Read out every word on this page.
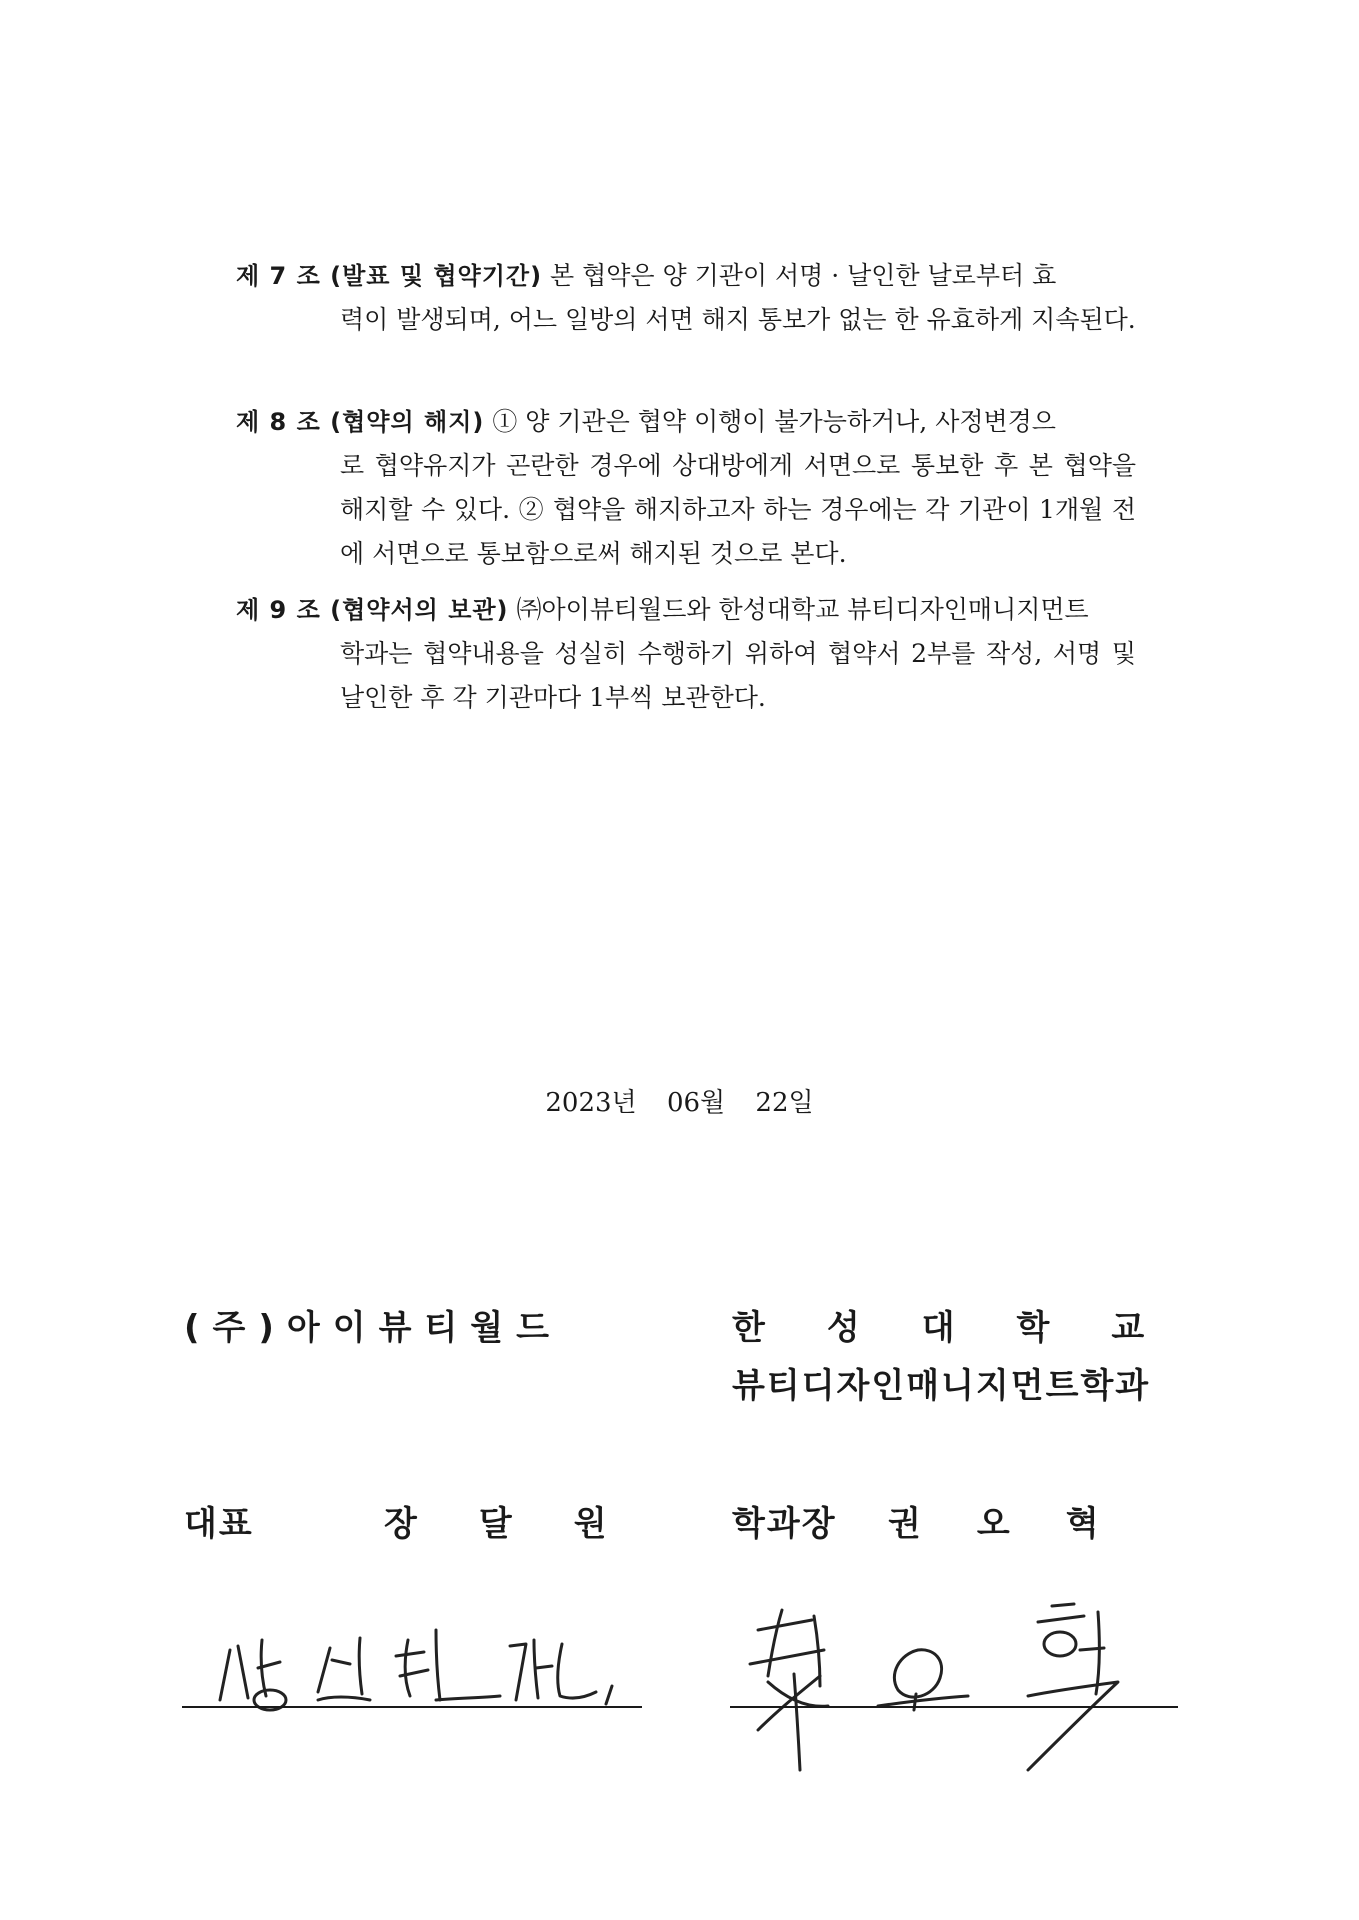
제 7 조 (발표 및 협약기간) 본 협약은 양 기관이 서명 · 날인한 날로부터 효
력이 발생되며, 어느 일방의 서면 해지 통보가 없는 한 유효하게 지속된다.
제 8 조 (협약의 해지) ① 양 기관은 협약 이행이 불가능하거나, 사정변경으
로 협약유지가 곤란한 경우에 상대방에게 서면으로 통보한 후 본 협약을 해지할 수 있다. ② 협약을 해지하고자 하는 경우에는 각 기관이 1개월 전에 서면으로 통보함으로써 해지된 것으로 본다.
제 9 조 (협약서의 보관) ㈜아이뷰티월드와 한성대학교 뷰티디자인매니지먼트
학과는 협약내용을 성실히 수행하기 위하여 협약서 2부를 작성, 서명 및 날인한 후 각 기관마다 1부씩 보관한다.
2023년 06월 22일
(주)아이뷰티월드	한성대학교
뷰티디자인매니지먼트학과
대표	장달원 학과장 권오혁
